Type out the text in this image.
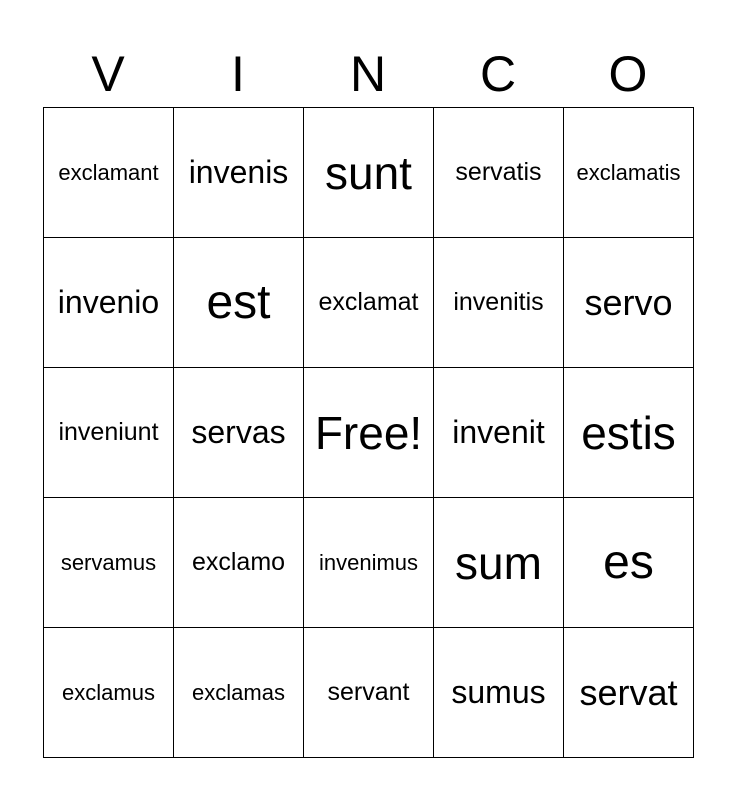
V	I	N	C	O
exclamant	invenis	sunt	servatis	exclamatis
invenio	est	exclamat	invenitis	servo
inveniunt	servas	Free!	invenit	estis
servamus	exclamo	invenimus	sum	es
exclamus	exclamas	servant	sumus	servat
